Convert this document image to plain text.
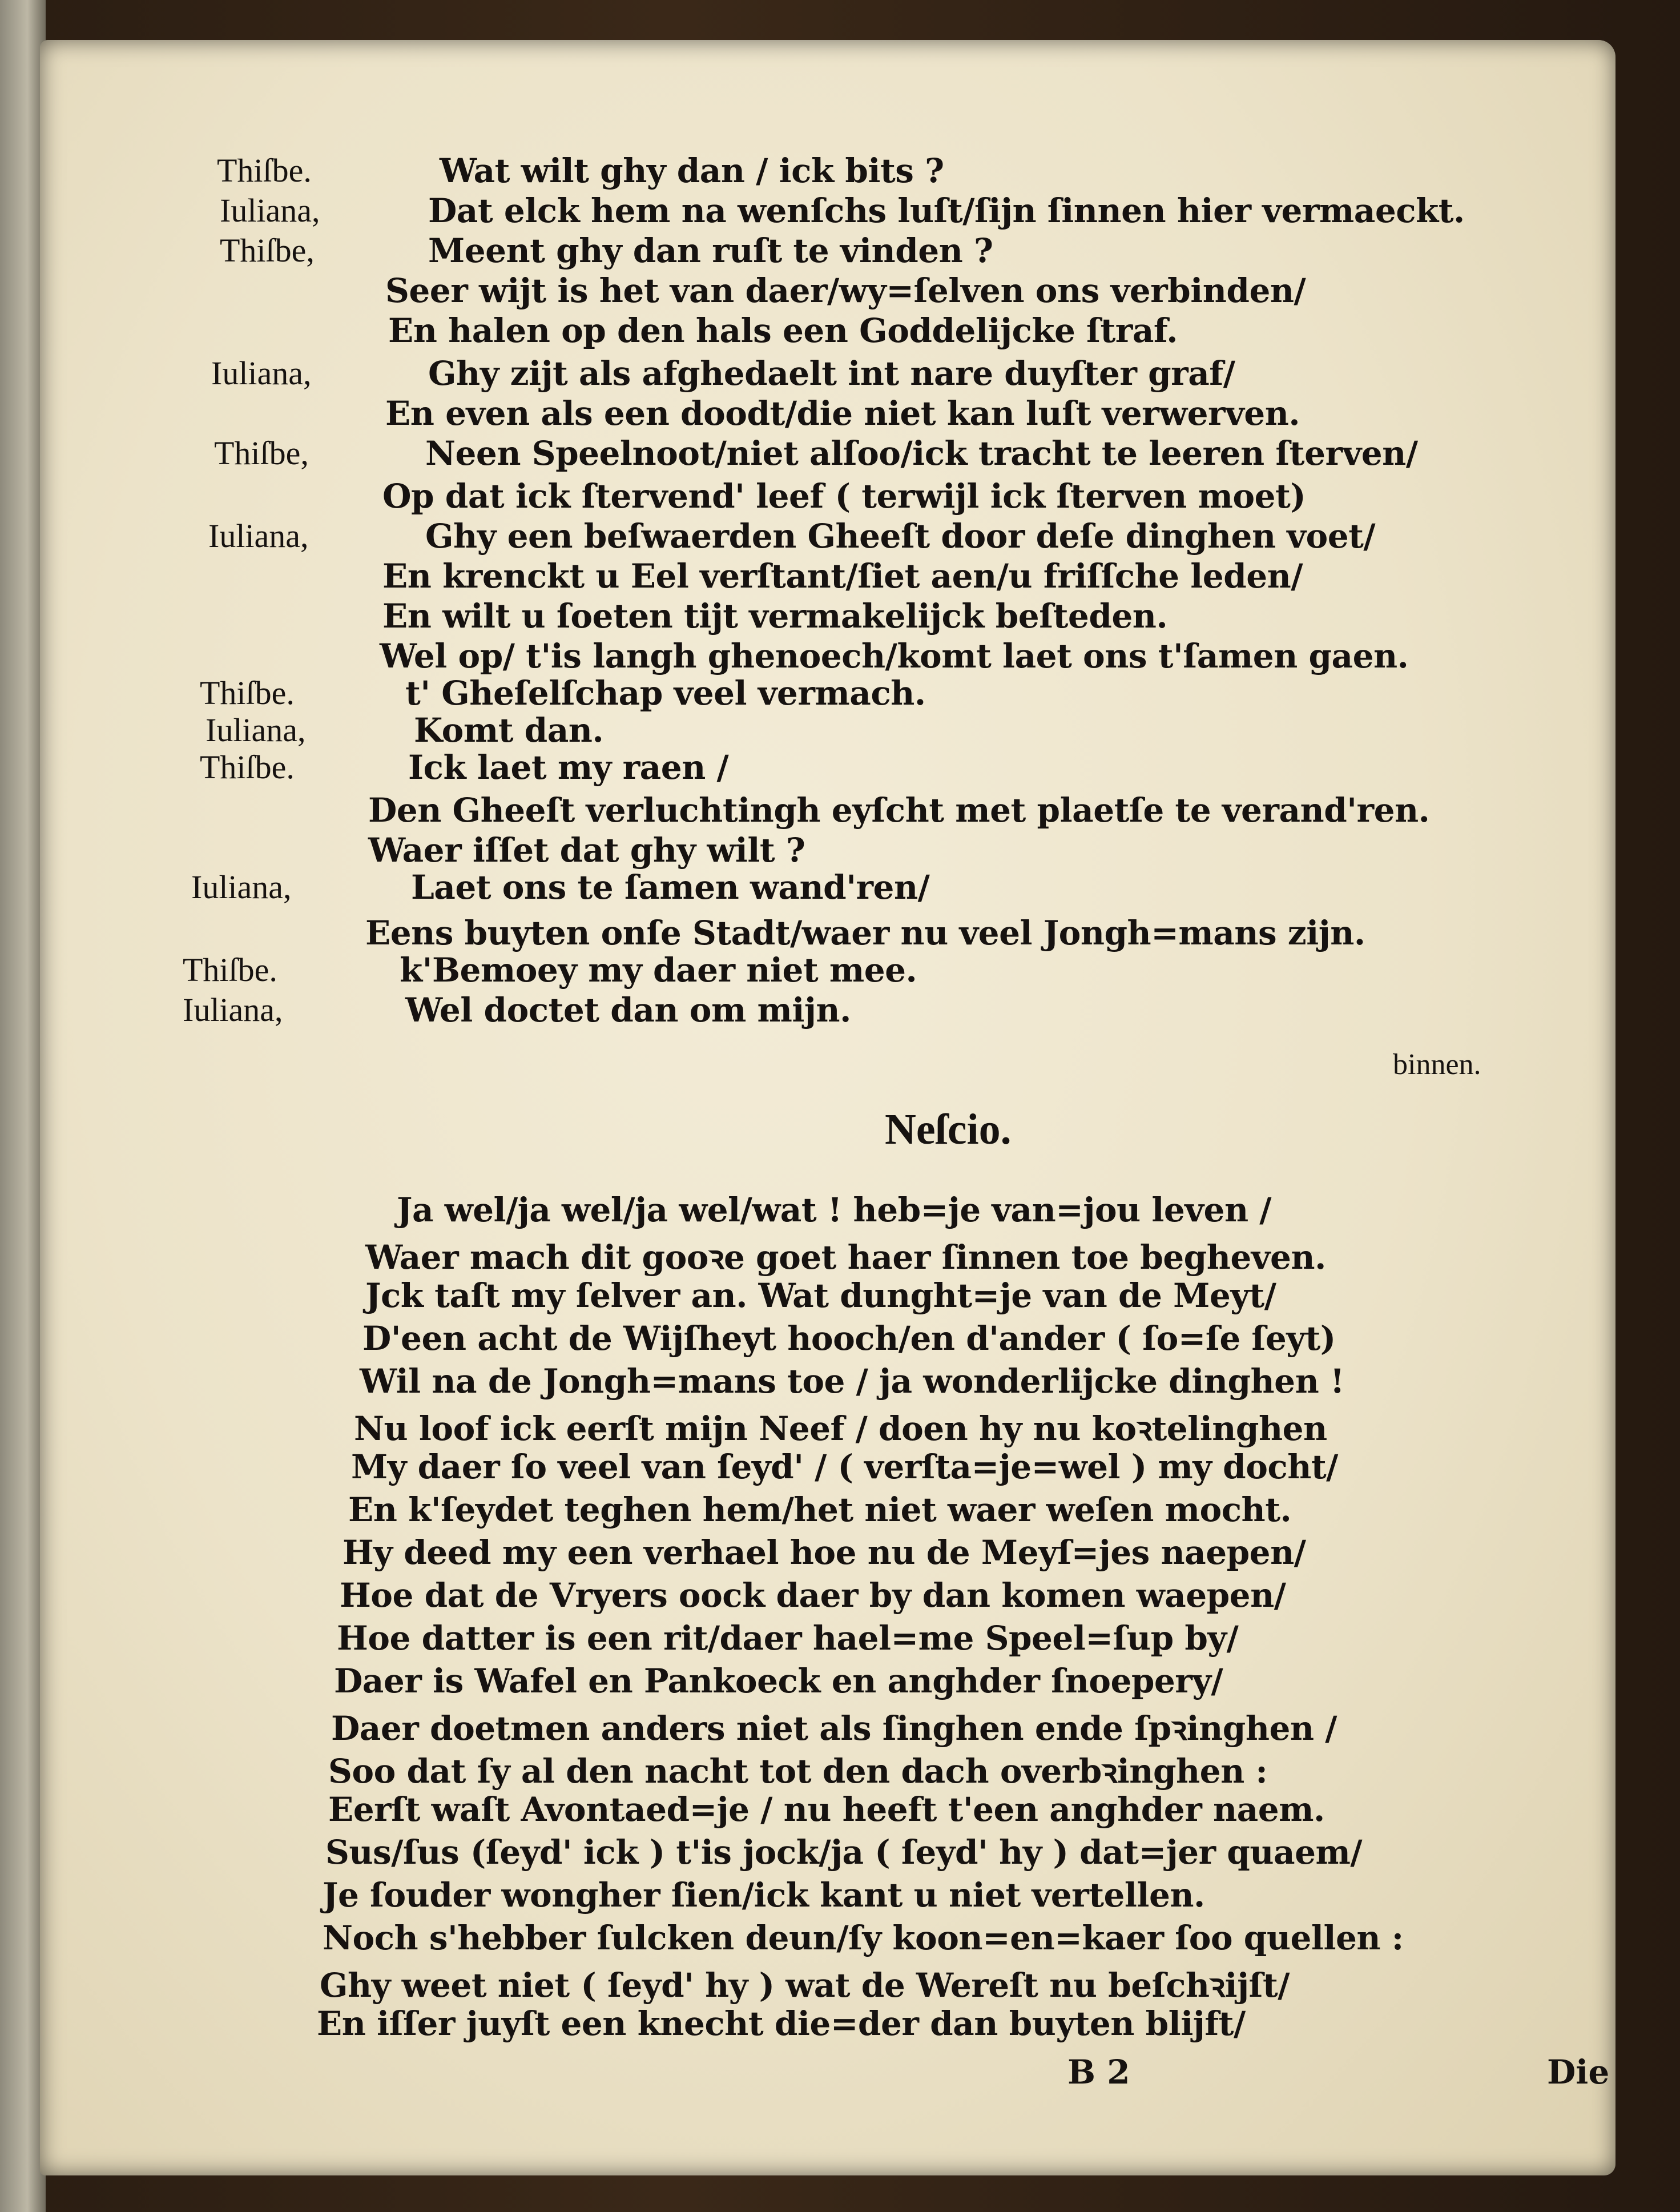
Thiſbe.	Wat wilt ghy dan / ick bits ?
Iuliana,	Dat elck hem na wenſchs luſt/ſijn ſinnen hier vermaeckt.
Thiſbe,	Meent ghy dan ruſt te vinden ?
Seer wijt is het van daer/wy=ſelven ons verbinden/
En halen op den hals een Goddelijcke ſtraf.
Iuliana,	Ghy zijt als afghedaelt int nare duyſter graf/
En even als een doodt/die niet kan luſt verwerven.
Thiſbe,	Neen Speelnoot/niet alſoo/ick tracht te leeren ſterven/
Op dat ick ſtervend' leef ( terwijl ick ſterven moet)
Iuliana,	Ghy een beſwaerden Gheeſt door deſe dinghen voet/
En krenckt u Eel verſtant/ſiet aen/u friſſche leden/
En wilt u ſoeten tijt vermakelijck beſteden.
Wel op/ t'is langh ghenoech/komt laet ons t'ſamen gaen.
Thiſbe.	t' Gheſelſchap veel vermach.
Iuliana,	Komt dan.
Thiſbe.	Ick laet my raen /
Den Gheeſt verluchtingh eyſcht met plaetſe te verand'ren.
Waer iſſet dat ghy wilt ?
Iuliana,	Laet ons te ſamen wand'ren/
Eens buyten onſe Stadt/waer nu veel Jongh=mans zijn.
Thiſbe.	k'Bemoey my daer niet mee.
Iuliana,	Wel doctet dan om mijn.
binnen.
Neſcio.
Ja wel/ja wel/ja wel/wat ! heb=je van=jou leven /
Waer mach dit gooꝛe goet haer ſinnen toe begheven.
Jck taſt my ſelver an. Wat dunght=je van de Meyt/
D'een acht de Wijſheyt hooch/en d'ander ( ſo=ſe ſeyt)
Wil na de Jongh=mans toe / ja wonderlijcke dinghen !
Nu loof ick eerſt mijn Neef / doen hy nu koꝛtelinghen
My daer ſo veel van ſeyd' / ( verſta=je=wel ) my docht/
En k'ſeydet teghen hem/het niet waer weſen mocht.
Hy deed my een verhael hoe nu de Meyſ=jes naepen/
Hoe dat de Vryers oock daer by dan komen waepen/
Hoe datter is een rit/daer hael=me Speel=ſup by/
Daer is Wafel en Pankoeck en anghder ſnoepery/
Daer doetmen anders niet als ſinghen ende ſpꝛinghen /
Soo dat ſy al den nacht tot den dach overbꝛinghen :
Eerſt waſt Avontaed=je / nu heeft t'een anghder naem.
Sus/ſus (ſeyd' ick ) t'is jock/ja ( ſeyd' hy ) dat=jer quaem/
Je ſouder wongher ſien/ick kant u niet vertellen.
Noch s'hebber ſulcken deun/ſy koon=en=kaer ſoo quellen :
Ghy weet niet ( ſeyd' hy ) wat de Wereſt nu beſchꝛijſt/
En iſſer juyſt een knecht die=der dan buyten blijft/
B 2	Die
